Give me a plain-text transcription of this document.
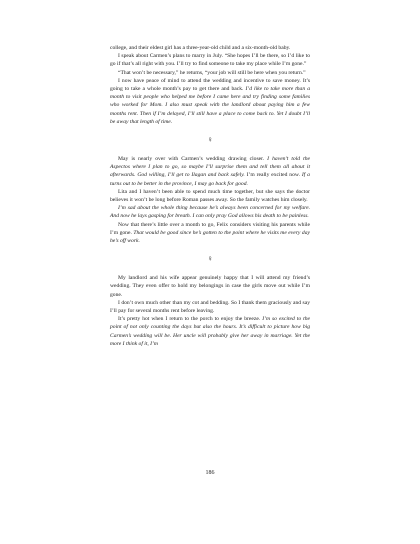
college, and their eldest girl has a three-year-old child and a six-month-old baby.

I speak about Carmen’s plans to marry in July. “She hopes I’ll be there, so I’d like to go if that’s all right with you. I’ll try to find someone to take my place while I’m gone.”

“That won’t be necessary,” he returns, “your job will still be here when you return.”

I now have peace of mind to attend the wedding and incentive to save money. It’s going to take a whole month’s pay to get there and back. I’d like to take more than a month to visit people who helped me before I came here and try finding some families who worked for Mom. I also must speak with the landlord about paying him a few months rent. Then if I’m delayed, I’ll still have a place to come back to. Yet I doubt I’ll be away that length of time.

♀

May is nearly over with Carmen’s wedding drawing closer. I haven’t told the Aspectos where I plan to go, so maybe I’ll surprise them and tell them all about it afterwards. God willing, I’ll get to Ilagan and back safely. I’m really excited now. If a turns out to be better in the province, I may go back for good.

Lita and I haven’t been able to spend much time together, but she says the doctor believes it won’t be long before Roman passes away. So the family watches him closely.

I’m sad about the whole thing because he’s always been concerned for my welfare. And now he lays gasping for breath. I can only pray God allows his death to be painless.

Now that there’s little over a month to go, Felix considers visiting his parents while I’m gone. That would be good since he’s gotten to the point where he visits me every day he’s off work.

♀

My landlord and his wife appear genuinely happy that I will attend my friend’s wedding. They even offer to hold my belongings in case the girls move out while I’m gone.

I don’t own much other than my cot and bedding. So I thank them graciously and say I’ll pay for several months rent before leaving.

It’s pretty hot when I return to the porch to enjoy the breeze. I’m so excited to the point of not only counting the days but also the hours. It’s difficult to picture how big Carmen’s wedding will be. Her uncle will probably give her away in marriage. Yet the more I think of it, I’m

186
